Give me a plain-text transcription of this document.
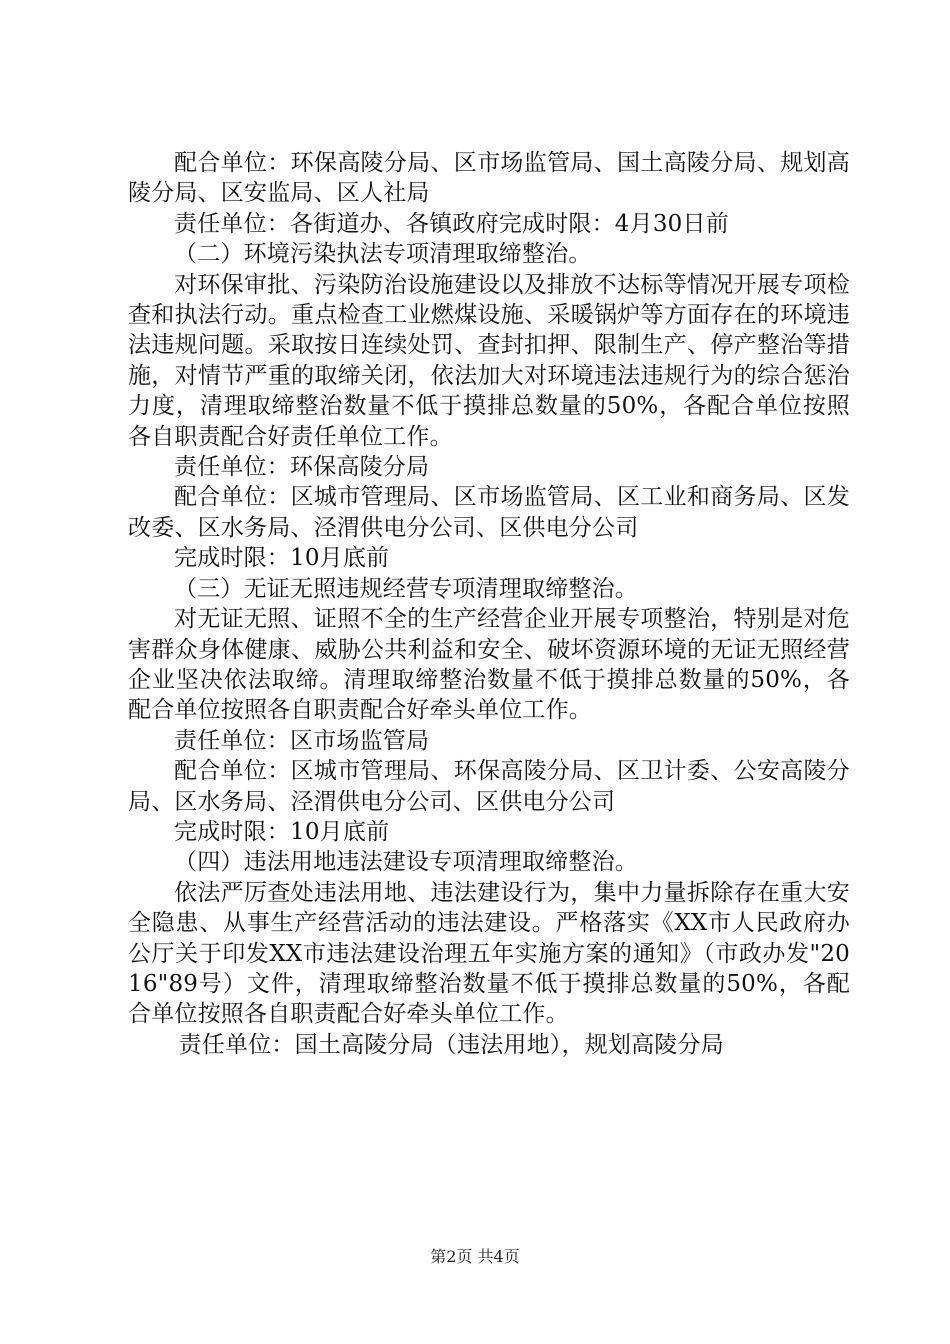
配合单位：环保高陵分局、区市场监管局、国土高陵分局、规划高陵分局、区安监局、区人社局

责任单位：各街道办、各镇政府完成时限：4月30日前

（二）环境污染执法专项清理取缔整治。

对环保审批、污染防治设施建设以及排放不达标等情况开展专项检查和执法行动。重点检查工业燃煤设施、采暖锅炉等方面存在的环境违法违规问题。采取按日连续处罚、查封扣押、限制生产、停产整治等措施，对情节严重的取缔关闭，依法加大对环境违法违规行为的综合惩治力度，清理取缔整治数量不低于摸排总数量的50%，各配合单位按照各自职责配合好责任单位工作。

责任单位：环保高陵分局

配合单位：区城市管理局、区市场监管局、区工业和商务局、区发改委、区水务局、泾渭供电分公司、区供电分公司

完成时限：10月底前

（三）无证无照违规经营专项清理取缔整治。

对无证无照、证照不全的生产经营企业开展专项整治，特别是对危害群众身体健康、威胁公共利益和安全、破坏资源环境的无证无照经营企业坚决依法取缔。清理取缔整治数量不低于摸排总数量的50%，各配合单位按照各自职责配合好牵头单位工作。

责任单位：区市场监管局

配合单位：区城市管理局、环保高陵分局、区卫计委、公安高陵分局、区水务局、泾渭供电分公司、区供电分公司

完成时限：10月底前

（四）违法用地违法建设专项清理取缔整治。

依法严厉查处违法用地、违法建设行为，集中力量拆除存在重大安全隐患、从事生产经营活动的违法建设。严格落实《XX市人民政府办公厅关于印发XX市违法建设治理五年实施方案的通知》（市政办发"2016"89号）文件，清理取缔整治数量不低于摸排总数量的50%，各配合单位按照各自职责配合好牵头单位工作。

责任单位：国土高陵分局（违法用地），规划高陵分局

第2页 共4页
